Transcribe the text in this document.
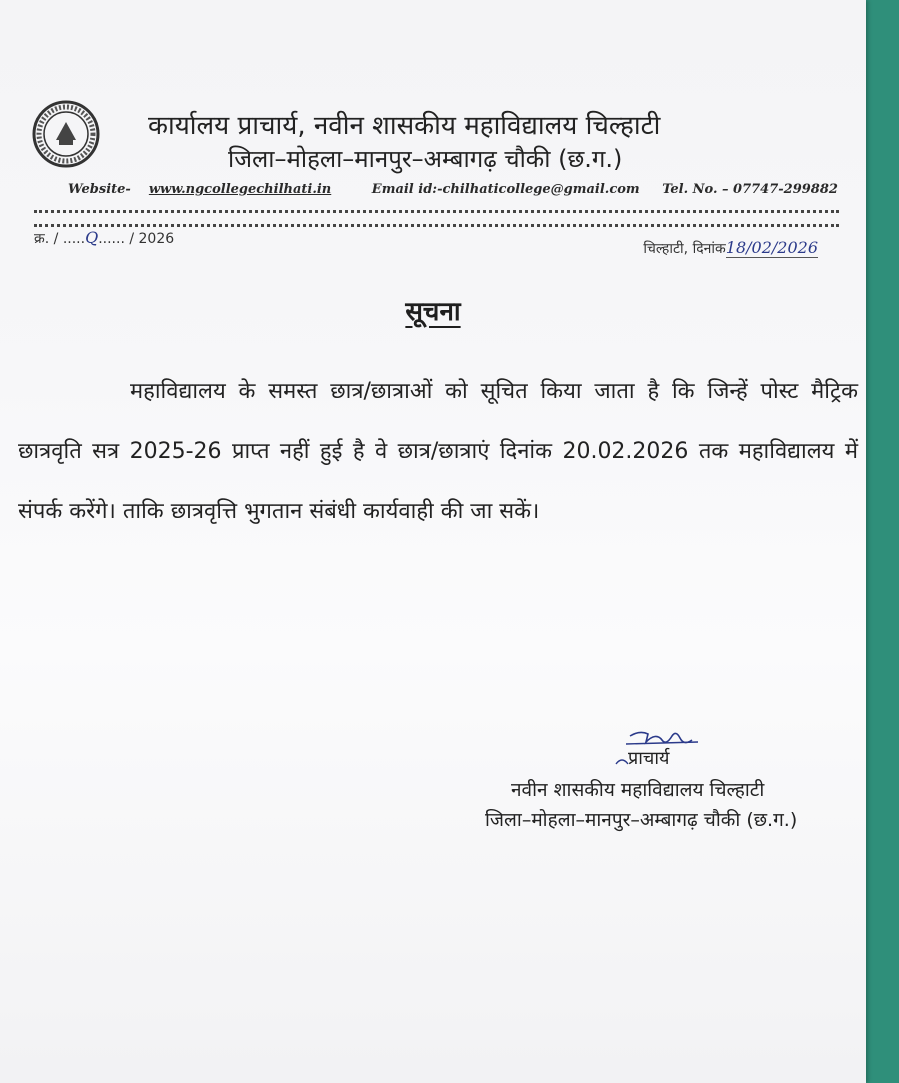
कार्यालय प्राचार्य, नवीन शासकीय महाविद्यालय चिल्हाटी
जिला–मोहला–मानपुर–अम्बागढ़ चौकी (छ.ग.)
Website- www.ngcollegechilhati.in	Email id:-chilhaticollege@gmail.com Tel. No. – 07747-299882
क्र. / .....Q...... / 2026
चिल्हाटी, दिनांक18/02/2026
सूचना
महाविद्यालय के समस्त छात्र/छात्राओं को सूचित किया जाता है कि जिन्हें पोस्ट मैट्रिक छात्रवृति सत्र 2025-26 प्राप्त नहीं हुई है वे छात्र/छात्राएं दिनांक 20.02.2026 तक महाविद्यालय में संपर्क करेंगे। ताकि छात्रवृत्ति भुगतान संबंधी कार्यवाही की जा सकें।
प्राचार्य
नवीन शासकीय महाविद्यालय चिल्हाटी
जिला–मोहला–मानपुर–अम्बागढ़ चौकी (छ.ग.)
